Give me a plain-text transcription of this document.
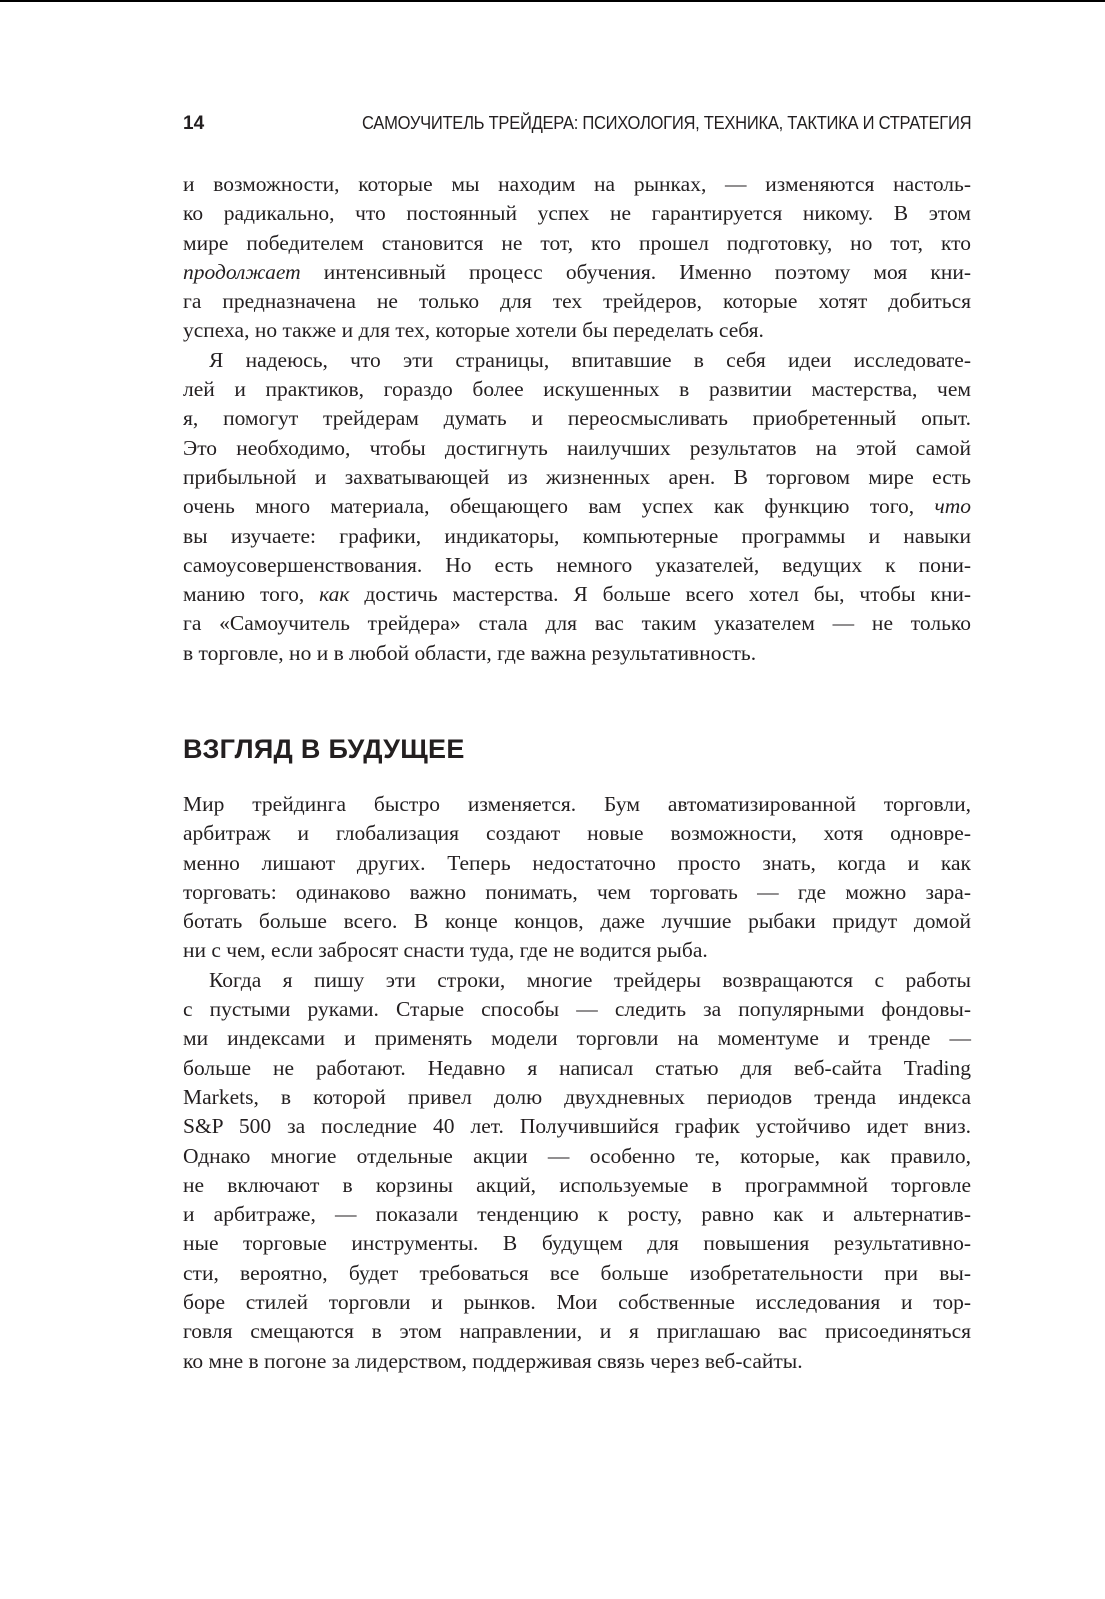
14	САМОУЧИТЕЛЬ ТРЕЙДЕРА: ПСИХОЛОГИЯ, ТЕХНИКА, ТАКТИКА И СТРАТЕГИЯ
и возможности, которые мы находим на рынках, — изменяются настоль-
ко радикально, что постоянный успех не гарантируется никому. В этом
мире победителем становится не тот, кто прошел подготовку, но тот, кто
продолжает интенсивный процесс обучения. Именно поэтому моя кни-
га предназначена не только для тех трейдеров, которые хотят добиться
успеха, но также и для тех, которые хотели бы переделать себя.
Я надеюсь, что эти страницы, впитавшие в себя идеи исследовате-
лей и практиков, гораздо более искушенных в развитии мастерства, чем
я, помогут трейдерам думать и переосмысливать приобретенный опыт.
Это необходимо, чтобы достигнуть наилучших результатов на этой самой
прибыльной и захватывающей из жизненных арен. В торговом мире есть
очень много материала, обещающего вам успех как функцию того, что
вы изучаете: графики, индикаторы, компьютерные программы и навыки
самоусовершенствования. Но есть немного указателей, ведущих к пони-
манию того, как достичь мастерства. Я больше всего хотел бы, чтобы кни-
га «Самоучитель трейдера» стала для вас таким указателем — не только
в торговле, но и в любой области, где важна результативность.
ВЗГЛЯД В БУДУЩЕЕ
Мир трейдинга быстро изменяется. Бум автоматизированной торговли,
арбитраж и глобализация создают новые возможности, хотя одновре-
менно лишают других. Теперь недостаточно просто знать, когда и как
торговать: одинаково важно понимать, чем торговать — где можно зара-
ботать больше всего. В конце концов, даже лучшие рыбаки придут домой
ни с чем, если забросят снасти туда, где не водится рыба.
Когда я пишу эти строки, многие трейдеры возвращаются с работы
с пустыми руками. Старые способы — следить за популярными фондовы-
ми индексами и применять модели торговли на моментуме и тренде —
больше не работают. Недавно я написал статью для веб-сайта Trading
Markets, в которой привел долю двухдневных периодов тренда индекса
S&P 500 за последние 40 лет. Получившийся график устойчиво идет вниз.
Однако многие отдельные акции — особенно те, которые, как правило,
не включают в корзины акций, используемые в программной торговле
и арбитраже, — показали тенденцию к росту, равно как и альтернатив-
ные торговые инструменты. В будущем для повышения результативно-
сти, вероятно, будет требоваться все больше изобретательности при вы-
боре стилей торговли и рынков. Мои собственные исследования и тор-
говля смещаются в этом направлении, и я приглашаю вас присоединяться
ко мне в погоне за лидерством, поддерживая связь через веб-сайты.
